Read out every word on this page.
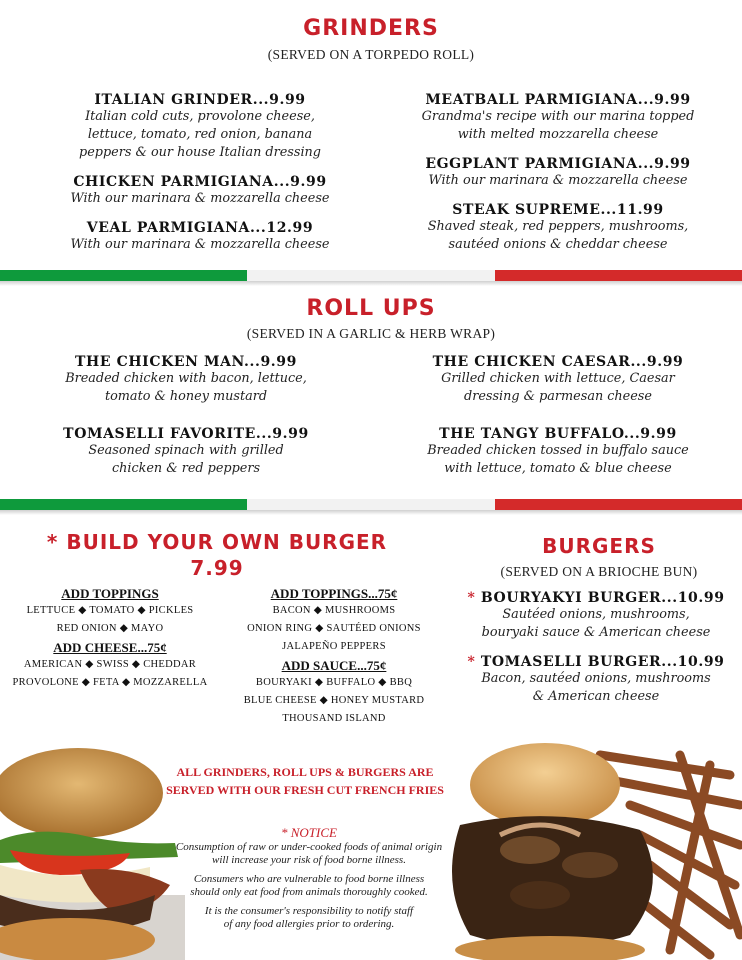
GRINDERS
(SERVED ON A TORPEDO ROLL)
ITALIAN GRINDER...9.99
Italian cold cuts, provolone cheese,
lettuce, tomato, red onion, banana
peppers & our house Italian dressing
CHICKEN PARMIGIANA...9.99
With our marinara & mozzarella cheese
VEAL PARMIGIANA...12.99
With our marinara & mozzarella cheese
MEATBALL PARMIGIANA...9.99
Grandma's recipe with our marina topped
with melted mozzarella cheese
EGGPLANT PARMIGIANA...9.99
With our marinara & mozzarella cheese
STEAK SUPREME...11.99
Shaved steak, red peppers, mushrooms,
sautéed onions & cheddar cheese
ROLL UPS
(SERVED IN A GARLIC & HERB WRAP)
THE CHICKEN MAN...9.99
Breaded chicken with bacon, lettuce,
tomato & honey mustard
TOMASELLI FAVORITE...9.99
Seasoned spinach with grilled
chicken & red peppers
THE CHICKEN CAESAR...9.99
Grilled chicken with lettuce, Caesar
dressing & parmesan cheese
THE TANGY BUFFALO...9.99
Breaded chicken tossed in buffalo sauce
with lettuce, tomato & blue cheese
* BUILD YOUR OWN BURGER
7.99
ADD TOPPINGS
LETTUCE ◆ TOMATO ◆ PICKLES
RED ONION ◆ MAYO
ADD CHEESE...75¢
AMERICAN ◆ SWISS ◆ CHEDDAR
PROVOLONE ◆ FETA ◆ MOZZARELLA
ADD TOPPINGS...75¢
BACON ◆ MUSHROOMS
ONION RING ◆ SAUTÉED ONIONS
JALAPEÑO PEPPERS
ADD SAUCE...75¢
BOURYAKI ◆ BUFFALO ◆ BBQ
BLUE CHEESE ◆ HONEY MUSTARD
THOUSAND ISLAND
BURGERS
(SERVED ON A BRIOCHE BUN)
* BOURYAKYI BURGER...10.99
Sautéed onions, mushrooms,
bouryaki sauce & American cheese
* TOMASELLI BURGER...10.99
Bacon, sautéed onions, mushrooms
& American cheese
ALL GRINDERS, ROLL UPS & BURGERS ARE
SERVED WITH OUR FRESH CUT FRENCH FRIES
* NOTICE
Consumption of raw or under-cooked foods of animal origin
will increase your risk of food borne illness.
Consumers who are vulnerable to food borne illness
should only eat food from animals thoroughly cooked.
It is the consumer's responsibility to notify staff
of any food allergies prior to ordering.
